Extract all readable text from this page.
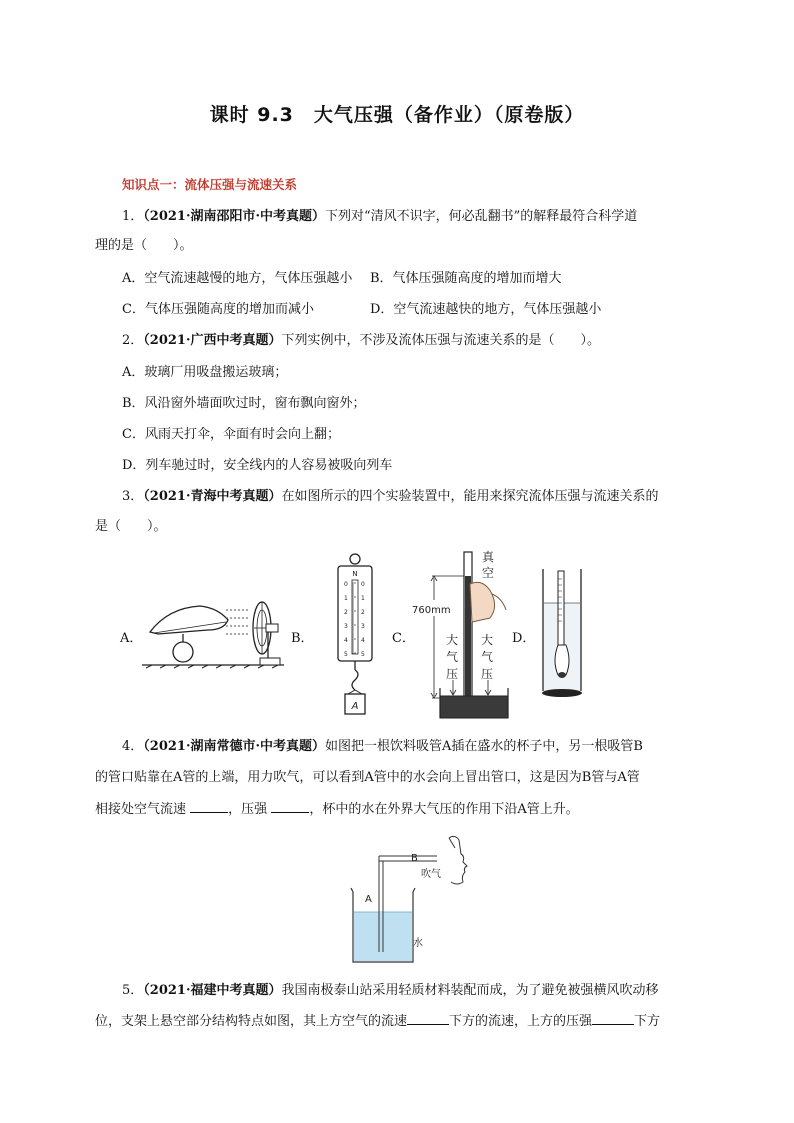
课时 9.3　大气压强（备作业）（原卷版）
知识点一：流体压强与流速关系
1．（2021·湖南邵阳市·中考真题）下列对“清风不识字，何必乱翻书”的解释最符合科学道
理的是（　　）。
A．空气流速越慢的地方，气体压强越小 B．气体压强随高度的增加而增大
C．气体压强随高度的增加而减小	D．空气流速越快的地方，气体压强越小
2．（2021·广西中考真题）下列实例中，不涉及流体压强与流速关系的是（　　）。
A．玻璃厂用吸盘搬运玻璃；
B．风沿窗外墙面吹过时，窗布飘向窗外；
C．风雨天打伞，伞面有时会向上翻；
D．列车驰过时，安全线内的人容易被吸向列车
3．（2021·青海中考真题）在如图所示的四个实验装置中，能用来探究流体压强与流速关系的
是（　　）。
A．	B．	C．	D．
N
0
1
2
3
4
5
0
1
2
3
4
5
A
真
空
760mm
大
气
压
大
气
压
4．（2021·湖南常德市·中考真题）如图把一根饮料吸管A插在盛水的杯子中，另一根吸管B
的管口贴靠在A管的上端，用力吹气，可以看到A管中的水会向上冒出管口，这是因为B管与A管
相接处空气流速	，压强	，杯中的水在外界大气压的作用下沿A管上升。
B
吹气
A
水
5．（2021·福建中考真题）我国南极泰山站采用轻质材料装配而成，为了避免被强横风吹动移
位，支架上悬空部分结构特点如图，其上方空气的流速	下方的流速，上方的压强	下方
